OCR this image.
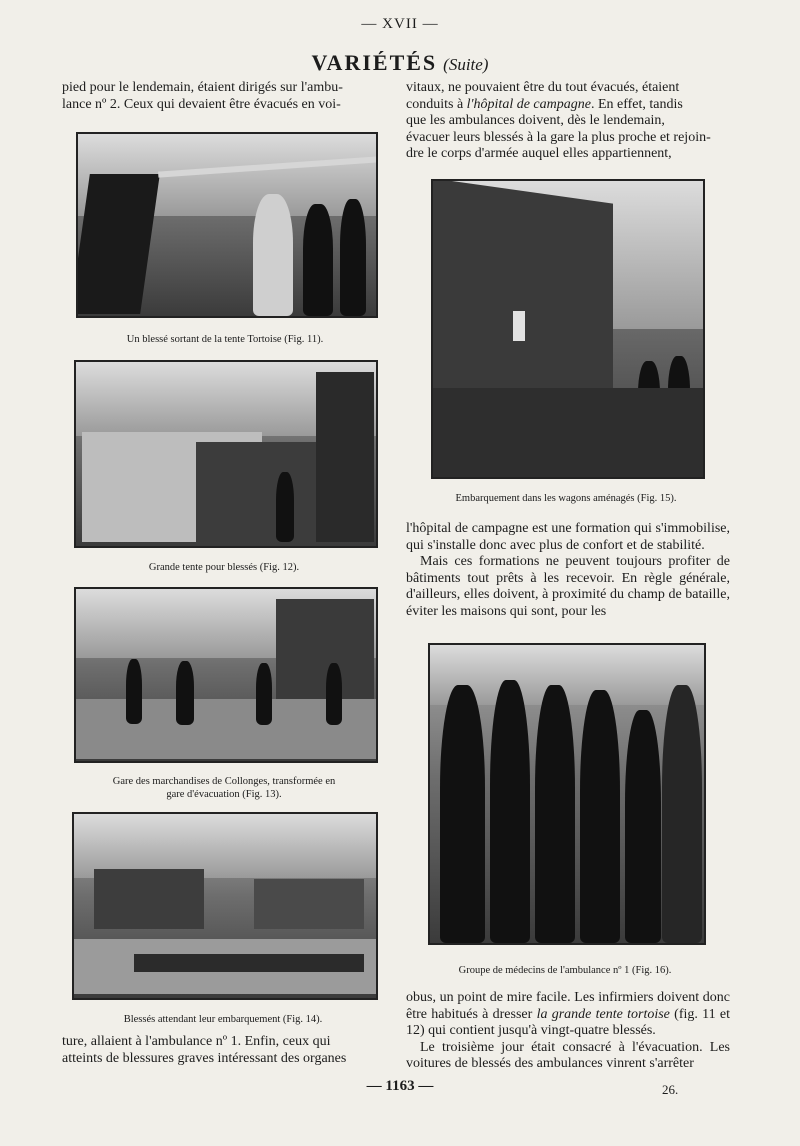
— XVII —
VARIÉTÉS (Suite)

pied pour le lendemain, étaient dirigés sur l'ambu-

lance nº 2. Ceux qui devaient être évacués en voi-

vitaux, ne pouvaient être du tout évacués, étaient

conduits à l'hôpital de campagne. En effet, tandis

que les ambulances doivent, dès le lendemain,

évacuer leurs blessés à la gare la plus proche et rejoin-

dre le corps d'armée auquel elles appartiennent,

Un blessé sortant de la tente Tortoise (Fig. 11).
Grande tente pour blessés (Fig. 12).
Gare des marchandises de Collonges, transformée en
gare d'évacuation (Fig. 13).
Blessés attendant leur embarquement (Fig. 14).

ture, allaient à l'ambulance nº 1. Enfin, ceux qui

atteints de blessures graves intéressant des organes

Embarquement dans les wagons aménagés (Fig. 15).

l'hôpital de campagne est une formation qui s'immobilise, qui s'installe donc avec plus de confort et de stabilité.

Mais ces formations ne peuvent toujours profiter de bâtiments tout prêts à les recevoir. En règle générale, d'ailleurs, elles doivent, à proximité du champ de bataille, éviter les maisons qui sont, pour les

Groupe de médecins de l'ambulance nº 1 (Fig. 16).

obus, un point de mire facile. Les infirmiers doivent donc être habitués à dresser la grande tente tortoise (fig. 11 et 12) qui contient jusqu'à vingt-quatre blessés.

Le troisième jour était consacré à l'évacuation. Les voitures de blessés des ambulances vinrent s'arrêter

— 1163 —	26.
